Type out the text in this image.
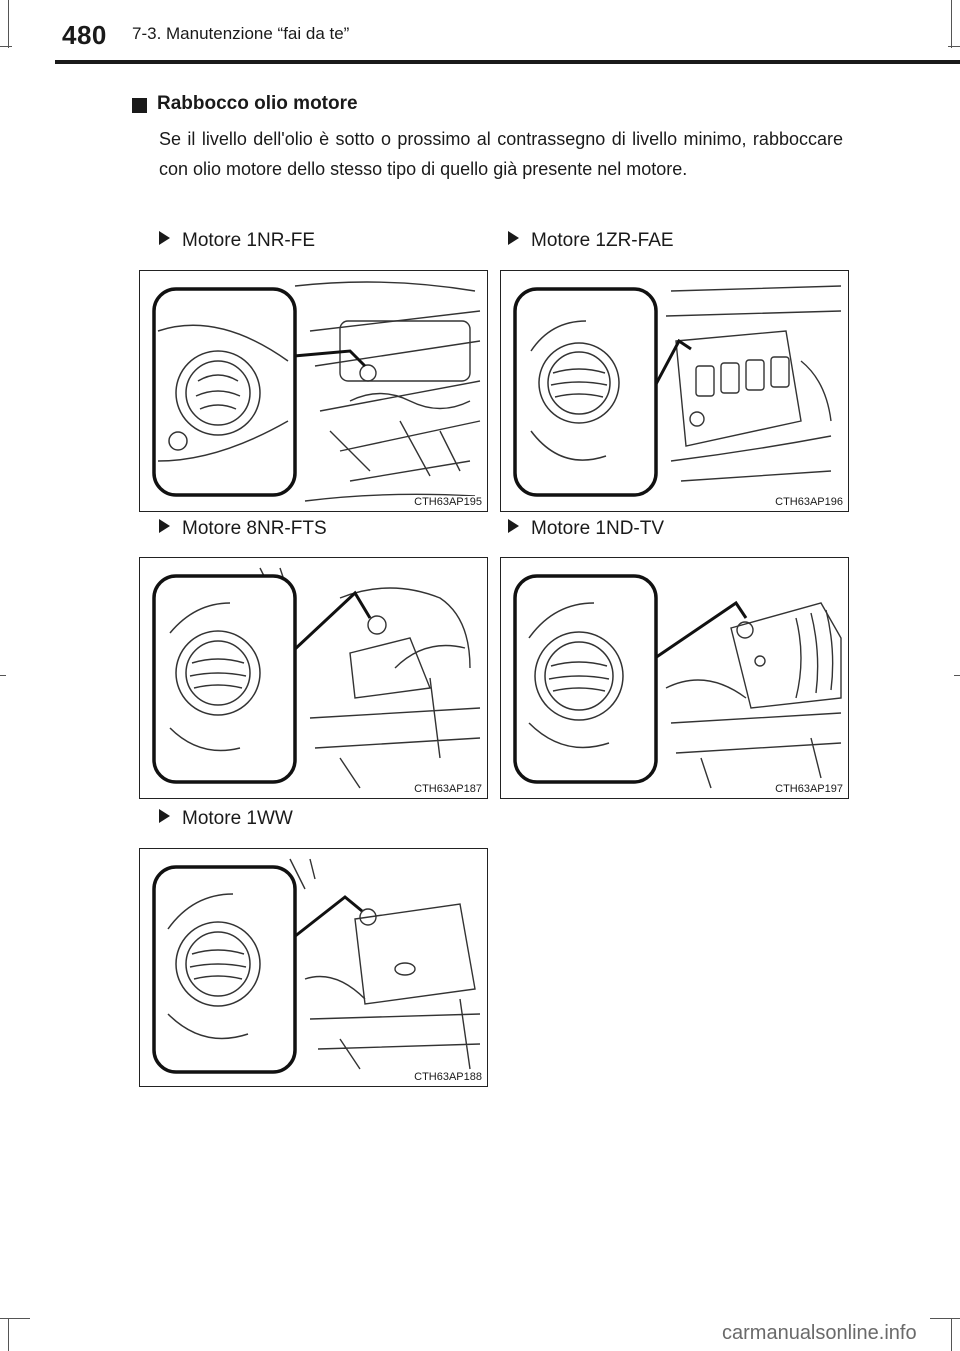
480 7-3. Manutenzione “fai da te”
Rabbocco olio motore

Se il livello dell'olio è sotto o prossimo al contrassegno di livello minimo, rabboccare con olio motore dello stesso tipo di quello già presente nel motore.

Motore 1NR-FE	Motore 1ZR-FAE
Motore 8NR-FTS	Motore 1ND-TV
Motore 1WW
CTH63AP195	CTH63AP196
CTH63AP187	CTH63AP197
CTH63AP188
carmanualsonline.info
